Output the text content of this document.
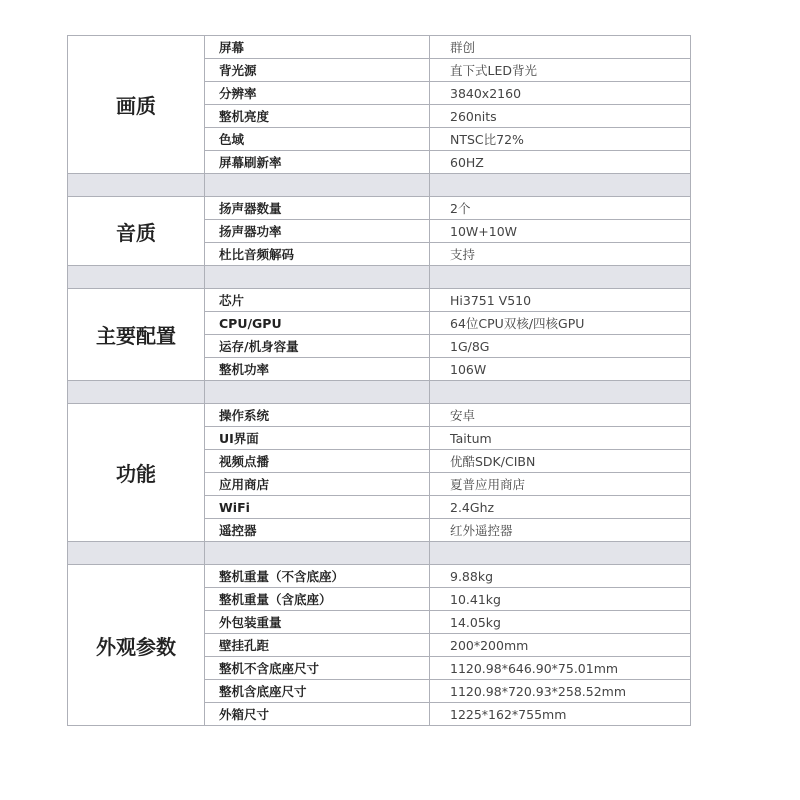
画质	屏幕	群创
	背光源	直下式LED背光
	分辨率	3840x2160
	整机亮度	260nits
	色域	NTSC比72%
	屏幕刷新率	60HZ

音质	扬声器数量	2个
	扬声器功率	10W+10W
	杜比音频解码	支持

主要配置	芯片	Hi3751 V510
	CPU/GPU	64位CPU双核/四核GPU
	运存/机身容量	1G/8G
	整机功率	106W

功能	操作系统	安卓
	UI界面	Taitum
	视频点播	优酷SDK/CIBN
	应用商店	夏普应用商店
	WiFi	2.4Ghz
	遥控器	红外遥控器

外观参数	整机重量（不含底座）	9.88kg
	整机重量（含底座）	10.41kg
	外包装重量	14.05kg
	壁挂孔距	200*200mm
	整机不含底座尺寸	1120.98*646.90*75.01mm
	整机含底座尺寸	1120.98*720.93*258.52mm
	外箱尺寸	1225*162*755mm
